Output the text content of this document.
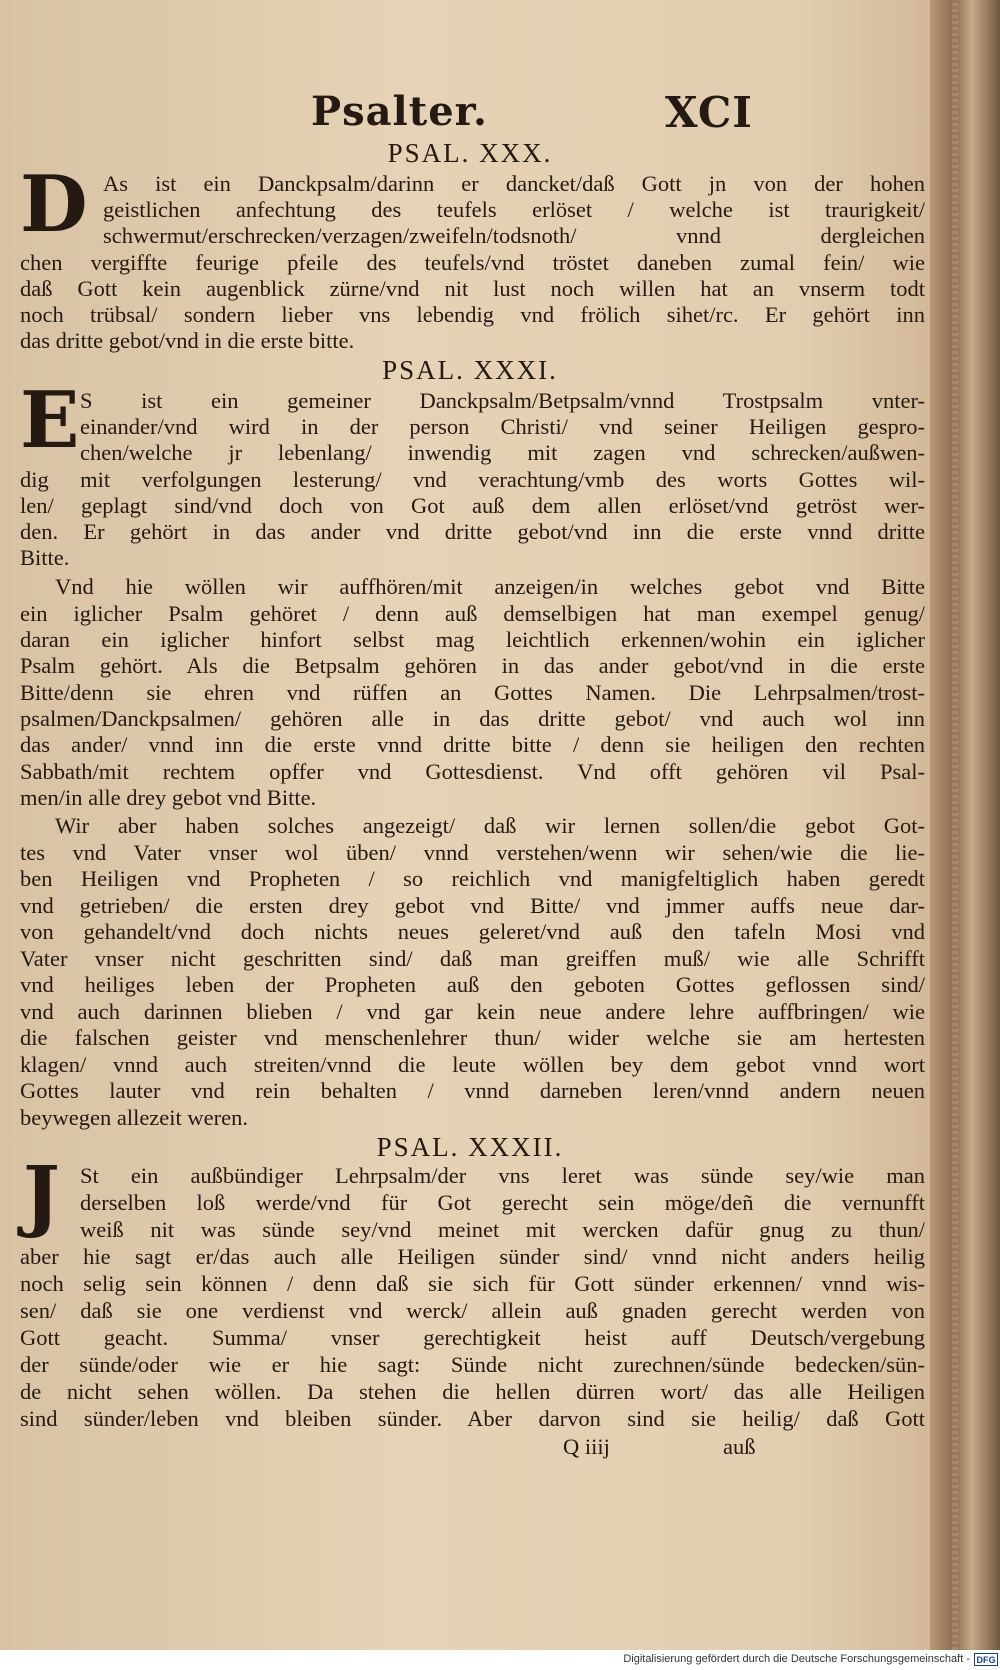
Psalter.	XCI
PSAL. XXX.
D As ist ein Danckpsalm/darinn er dancket/daß Gott jn von der hohen
geistlichen anfechtung des teufels erlöset / welche ist traurigkeit/
schwermut/erschrecken/verzagen/zweifeln/todsnoth/ vnnd dergleichen
chen vergiffte feurige pfeile des teufels/vnd tröstet daneben zumal fein/ wie
daß Gott kein augenblick zürne/vnd nit lust noch willen hat an vnserm todt
noch trübsal/ sondern lieber vns lebendig vnd frölich sihet/rc. Er gehört inn
das dritte gebot/vnd in die erste bitte.
PSAL. XXXI.
E S ist ein gemeiner Danckpsalm/Betpsalm/vnnd Trostpsalm vnter-
einander/vnd wird in der person Christi/ vnd seiner Heiligen gespro-
chen/welche jr lebenlang/ inwendig mit zagen vnd schrecken/außwen-
dig mit verfolgungen lesterung/ vnd verachtung/vmb des worts Gottes wil-
len/ geplagt sind/vnd doch von Got auß dem allen erlöset/vnd getröst wer-
den. Er gehört in das ander vnd dritte gebot/vnd inn die erste vnnd dritte
Bitte.
Vnd hie wöllen wir auffhören/mit anzeigen/in welches gebot vnd Bitte
ein iglicher Psalm gehöret / denn auß demselbigen hat man exempel genug/
daran ein iglicher hinfort selbst mag leichtlich erkennen/wohin ein iglicher
Psalm gehört. Als die Betpsalm gehören in das ander gebot/vnd in die erste
Bitte/denn sie ehren vnd rüffen an Gottes Namen. Die Lehrpsalmen/trost-
psalmen/Danckpsalmen/ gehören alle in das dritte gebot/ vnd auch wol inn
das ander/ vnnd inn die erste vnnd dritte bitte / denn sie heiligen den rechten
Sabbath/mit rechtem opffer vnd Gottesdienst. Vnd offt gehören vil Psal-
men/in alle drey gebot vnd Bitte.
Wir aber haben solches angezeigt/ daß wir lernen sollen/die gebot Got-
tes vnd Vater vnser wol üben/ vnnd verstehen/wenn wir sehen/wie die lie-
ben Heiligen vnd Propheten / so reichlich vnd manigfeltiglich haben geredt
vnd getrieben/ die ersten drey gebot vnd Bitte/ vnd jmmer auffs neue dar-
von gehandelt/vnd doch nichts neues geleret/vnd auß den tafeln Mosi vnd
Vater vnser nicht geschritten sind/ daß man greiffen muß/ wie alle Schrifft
vnd heiliges leben der Propheten auß den geboten Gottes geflossen sind/
vnd auch darinnen blieben / vnd gar kein neue andere lehre auffbringen/ wie
die falschen geister vnd menschenlehrer thun/ wider welche sie am hertesten
klagen/ vnnd auch streiten/vnnd die leute wöllen bey dem gebot vnnd wort
Gottes lauter vnd rein behalten / vnnd darneben leren/vnnd andern neuen
beywegen allezeit weren.
PSAL. XXXII.
J St ein außbündiger Lehrpsalm/der vns leret was sünde sey/wie man
derselben loß werde/vnd für Got gerecht sein möge/deñ die vernunfft
weiß nit was sünde sey/vnd meinet mit wercken dafür gnug zu thun/
aber hie sagt er/das auch alle Heiligen sünder sind/ vnnd nicht anders heilig
noch selig sein können / denn daß sie sich für Gott sünder erkennen/ vnnd wis-
sen/ daß sie one verdienst vnd werck/ allein auß gnaden gerecht werden von
Gott geacht. Summa/ vnser gerechtigkeit heist auff Deutsch/vergebung
der sünde/oder wie er hie sagt: Sünde nicht zurechnen/sünde bedecken/sün-
de nicht sehen wöllen. Da stehen die hellen dürren wort/ das alle Heiligen
sind sünder/leben vnd bleiben sünder. Aber darvon sind sie heilig/ daß Gott
Q iiij	auß
Digitalisierung gefördert durch die Deutsche Forschungsgemeinschaft - DFG
